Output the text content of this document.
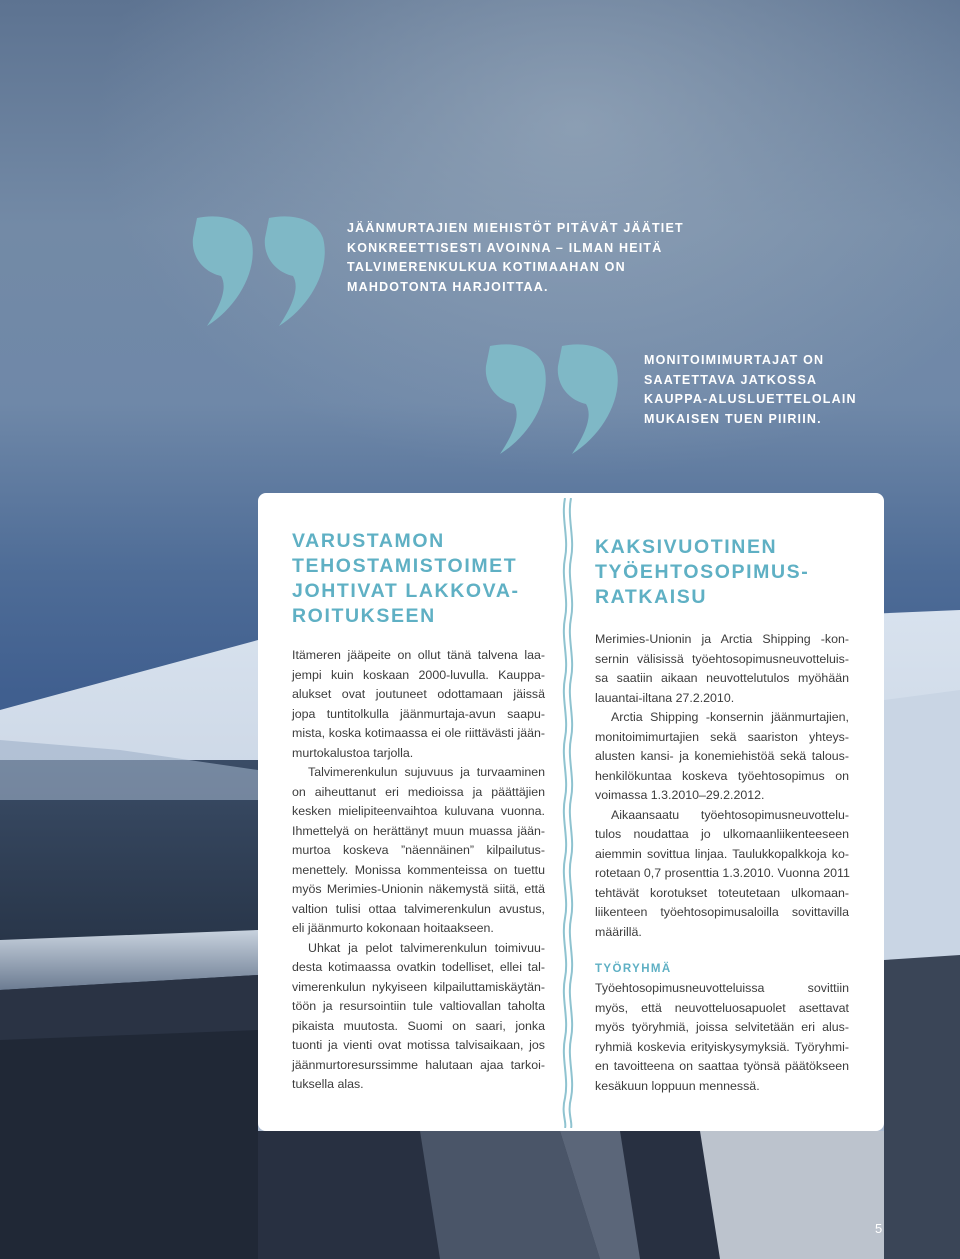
JÄÄNMURTAJIEN MIEHISTÖT PITÄVÄT JÄÄTIET
KONKREETTISESTI AVOINNA – ILMAN HEITÄ
TALVIMERENKULKUA KOTIMAAHAN ON
MAHDOTONTA HARJOITTAA.
MONITOIMIMURTAJAT ON
SAATETTAVA JATKOSSA
KAUPPA-ALUSLUETTELOLAIN
MUKAISEN TUEN PIIRIIN.
VARUSTAMON
TEHOSTAMISTOIMET
JOHTIVAT LAKKOVA-
ROITUKSEEN

Itämeren jääpeite on ollut tänä talvena laa-
jempi kuin koskaan 2000-luvulla. Kauppa-
alukset ovat joutuneet odottamaan jäissä
jopa tuntitolkulla jäänmurtaja-avun saapu-
mista, koska kotimaassa ei ole riittävästi jään-
murtokalustoa tarjolla.

Talvimerenkulun sujuvuus ja turvaaminen
on aiheuttanut eri medioissa ja päättäjien
kesken mielipiteenvaihtoa kuluvana vuonna.
Ihmettelyä on herättänyt muun muassa jään-
murtoa koskeva ”näennäinen” kilpailutus-
menettely. Monissa kommenteissa on tuettu
myös Merimies-Unionin näkemystä siitä, että
valtion tulisi ottaa talvimerenkulun avustus,
eli jäänmurto kokonaan hoitaakseen.

Uhkat ja pelot talvimerenkulun toimivuu-
desta kotimaassa ovatkin todelliset, ellei tal-
vimerenkulun nykyiseen kilpailuttamiskäytän-
töön ja resursointiin tule valtiovallan taholta
pikaista muutosta. Suomi on saari, jonka
tuonti ja vienti ovat motissa talvisaikaan, jos
jäänmurtoresurssimme halutaan ajaa tarkoi-
tuksella alas.

KAKSIVUOTINEN
TYÖEHTOSOPIMUS-
RATKAISU

Merimies-Unionin ja Arctia Shipping -kon-
sernin välisissä työehtosopimusneuvotteluis-
sa saatiin aikaan neuvottelutulos myöhään
lauantai-iltana 27.2.2010.

Arctia Shipping -konsernin jäänmurtajien,
monitoimimurtajien sekä saariston yhteys-
alusten kansi- ja konemiehistöä sekä talous-
henkilökuntaa koskeva työehtosopimus on
voimassa 1.3.2010–29.2.2012.

Aikaansaatu työehtosopimusneuvottelu-
tulos noudattaa jo ulkomaanliikenteeseen
aiemmin sovittua linjaa. Taulukkopalkkoja ko-
rotetaan 0,7 prosenttia 1.3.2010. Vuonna 2011
tehtävät korotukset toteutetaan ulkomaan-
liikenteen työehtosopimusaloilla sovittavilla
määrillä.

TYÖRYHMÄ

Työehtosopimusneuvotteluissa sovittiin
myös, että neuvotteluosapuolet asettavat
myös työryhmiä, joissa selvitetään eri alus-
ryhmiä koskevia erityiskysymyksiä. Työryhmi-
en tavoitteena on saattaa työnsä päätökseen
kesäkuun loppuun mennessä.

5
